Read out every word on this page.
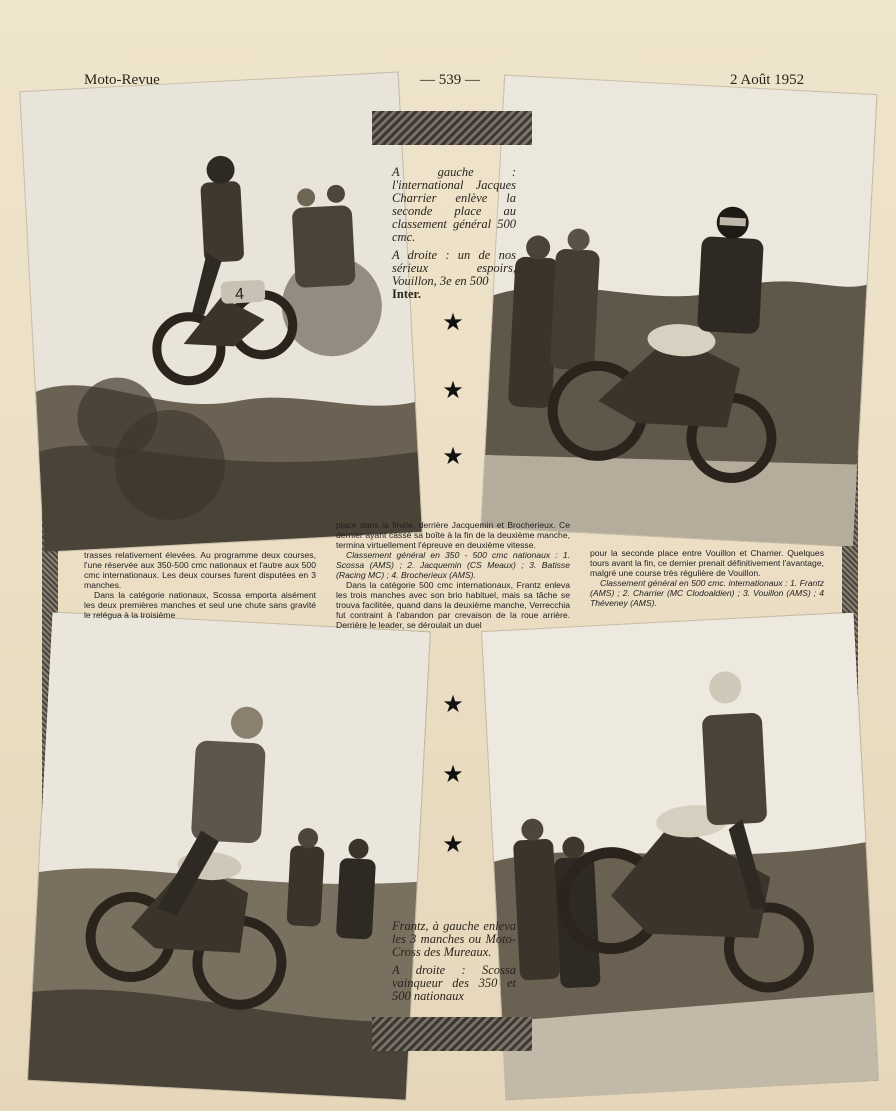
Moto-Revue	— 539 —	2 Août 1952
4

A gauche : l'international Jacques Charrier enlève la seconde place au classement général 500 cmc.

A droite : un de nos sérieux espoirs, Vouillon, 3e en 500
Inter.

★
★
★
★
★
★

trasses relativement élevées. Au programme deux courses, l'une réservée aux 350-500 cmc nationaux et l'autre aux 500 cmc internationaux. Les deux courses furent disputées en 3 manches.

Dans la catégorie nationaux, Scossa emporta aisément les deux premières manches et seul une chute sans gravité le relégua à la troisième

place dans la finale, derrière Jacquemin et Brocherieux. Ce dernier ayant cassé sa boîte à la fin de la deuxième manche, termina virtuellement l'épreuve en deuxième vitesse.

Classement général en 350 - 500 cmc nationaux : 1. Scossa (AMS) ; 2. Jacquemin (CS Meaux) ; 3. Batisse (Racing MC) ; 4. Brocherieux (AMS).

Dans la catégorie 500 cmc internationaux, Frantz enleva les trois manches avec son brio habituel, mais sa tâche se trouva facilitée, quand dans la deuxième manche, Verrecchia fut contraint à l'abandon par crevaison de la roue arrière. Derrière le leader, se déroulait un duel

pour la seconde place entre Vouillon et Charrier. Quelques tours avant la fin, ce dernier prenait définitivement l'avantage, malgré une course très régulière de Vouillon.

Classement général en 500 cmc. internationaux : 1. Frantz (AMS) ; 2. Charrier (MC Clodoaldien) ; 3. Vouillon (AMS) ; 4 Théveney (AMS).

Frantz, à gauche enleva les 3 manches ou Moto-Cross des Mureaux.

A droite : Scossa vainqueur des 350 et 500 nationaux
